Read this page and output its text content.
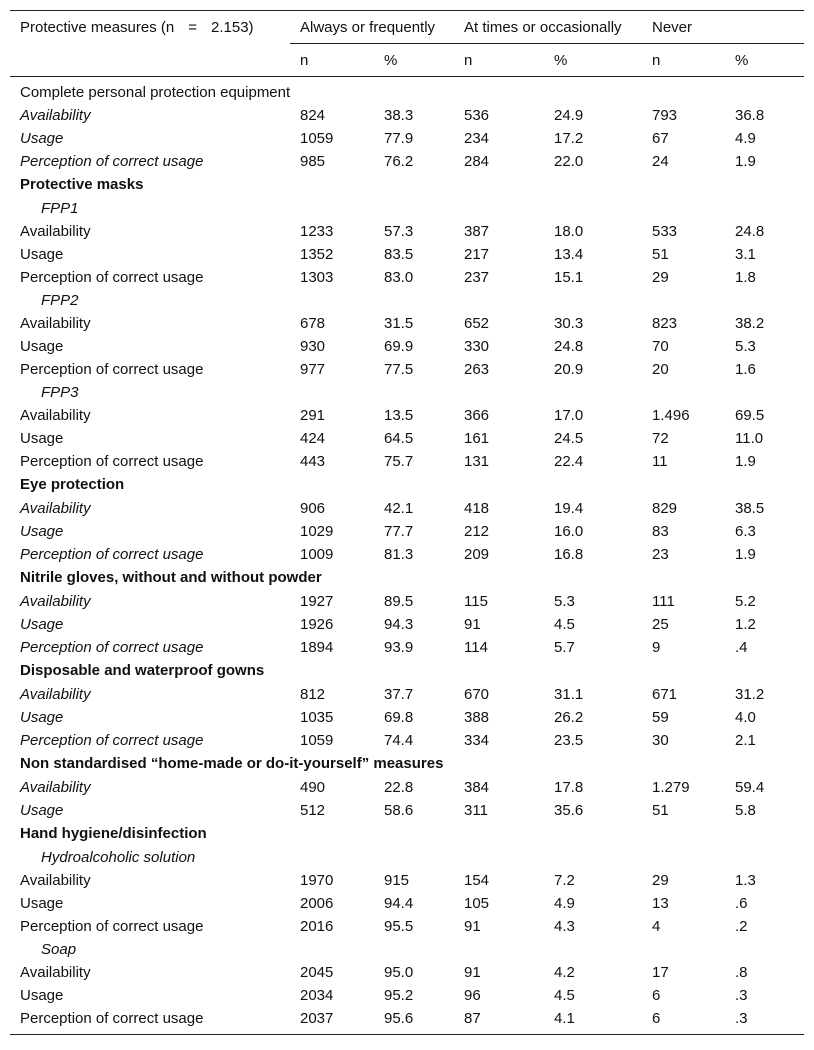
Protective measures (n = 2.153)	Always or frequently		At times or occasionally		Never	
	n	%	n	%	n	%
Complete personal protection equipment						
Availability	824	38.3	536	24.9	793	36.8
Usage	1059	77.9	234	17.2	67	4.9
Perception of correct usage	985	76.2	284	22.0	24	1.9
Protective masks						
FPP1						
Availability	1233	57.3	387	18.0	533	24.8
Usage	1352	83.5	217	13.4	51	3.1
Perception of correct usage	1303	83.0	237	15.1	29	1.8
FPP2						
Availability	678	31.5	652	30.3	823	38.2
Usage	930	69.9	330	24.8	70	5.3
Perception of correct usage	977	77.5	263	20.9	20	1.6
FPP3						
Availability	291	13.5	366	17.0	1.496	69.5
Usage	424	64.5	161	24.5	72	11.0
Perception of correct usage	443	75.7	131	22.4	11	1.9
Eye protection						
Availability	906	42.1	418	19.4	829	38.5
Usage	1029	77.7	212	16.0	83	6.3
Perception of correct usage	1009	81.3	209	16.8	23	1.9
Nitrile gloves, without and without powder						
Availability	1927	89.5	115	5.3	111	5.2
Usage	1926	94.3	91	4.5	25	1.2
Perception of correct usage	1894	93.9	114	5.7	9	.4
Disposable and waterproof gowns						
Availability	812	37.7	670	31.1	671	31.2
Usage	1035	69.8	388	26.2	59	4.0
Perception of correct usage	1059	74.4	334	23.5	30	2.1
Non standardised “home-made or do-it-yourself” measures						
Availability	490	22.8	384	17.8	1.279	59.4
Usage	512	58.6	311	35.6	51	5.8
Hand hygiene/disinfection						
Hydroalcoholic solution						
Availability	1970	915	154	7.2	29	1.3
Usage	2006	94.4	105	4.9	13	.6
Perception of correct usage	2016	95.5	91	4.3	4	.2
Soap						
Availability	2045	95.0	91	4.2	17	.8
Usage	2034	95.2	96	4.5	6	.3
Perception of correct usage	2037	95.6	87	4.1	6	.3
